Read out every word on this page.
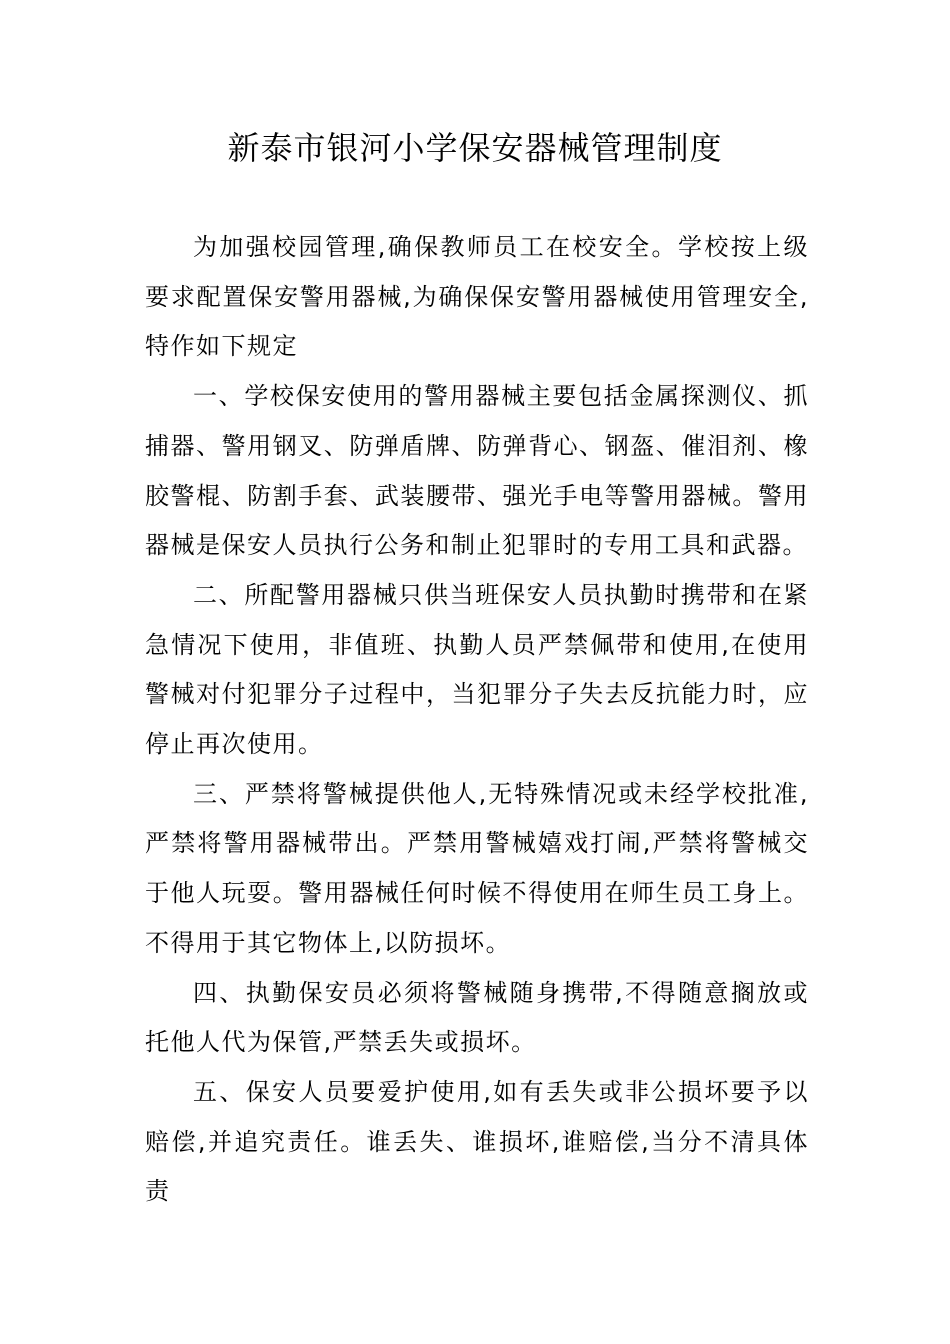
新泰市银河小学保安器械管理制度

为加强校园管理,确保教师员工在校安全。学校按上级要求配置保安警用器械,为确保保安警用器械使用管理安全,特作如下规定

一、学校保安使用的警用器械主要包括金属探测仪、抓捕器、警用钢叉、防弹盾牌、防弹背心、钢盔、催泪剂、橡胶警棍、防割手套、武装腰带、强光手电等警用器械。警用器械是保安人员执行公务和制止犯罪时的专用工具和武器。

二、所配警用器械只供当班保安人员执勤时携带和在紧急情况下使用，非值班、执勤人员严禁佩带和使用,在使用警械对付犯罪分子过程中，当犯罪分子失去反抗能力时，应停止再次使用。

三、严禁将警械提供他人,无特殊情况或未经学校批准,严禁将警用器械带出。严禁用警械嬉戏打闹,严禁将警械交于他人玩耍。警用器械任何时候不得使用在师生员工身上。不得用于其它物体上,以防损坏。

四、执勤保安员必须将警械随身携带,不得随意搁放或托他人代为保管,严禁丢失或损坏。

五、保安人员要爱护使用,如有丢失或非公损坏要予以赔偿,并追究责任。谁丢失、谁损坏,谁赔偿,当分不清具体责
